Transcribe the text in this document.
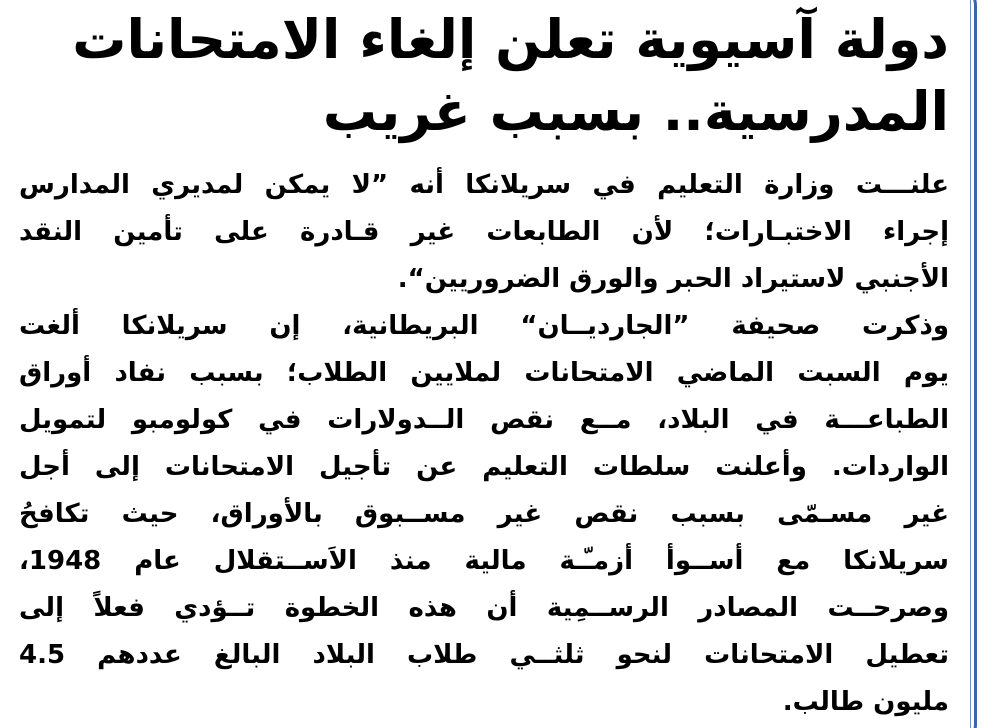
دولة آسيوية تعلن إلغاء الامتحانات
المدرسية.. بسبب غريب
علنـــت وزارة التعليم في سريلانكا أنه ”لا يمكن لمديري المدارس
إجراء الاختبـارات؛ لأن الطابعات غير قـادرة على تأمين النقد
الأجنبي لاستيراد الحبر والورق الضروريين“.
وذكرت صحيفة ”الجارديــان“ البريطانية، إن سريلانكا ألغت
يوم السبت الماضي الامتحانات لملايين الطلاب؛ بسبب نفاد أوراق
الطباعـــة في البلاد، مــع نقص الــدولارات في كولومبو لتمويل
الواردات. وأعلنت سلطات التعليم عن تأجيل الامتحانات إلى أجل
غير مسـمّى بسبب نقص غير مســبوق بالأوراق، حيث تكافحُ
سريلانكا مع أســوأ أزمـّـة مالية منذ الاَســتقلال عام 1948،
وصرحــت المصادر الرســمِية أن هذه الخطوة تــؤدي فعلاً إلى
تعطيل الامتحانات لنحو ثلثــي طلاب البلاد البالغ عددهم 4.5
مليون طالب.
